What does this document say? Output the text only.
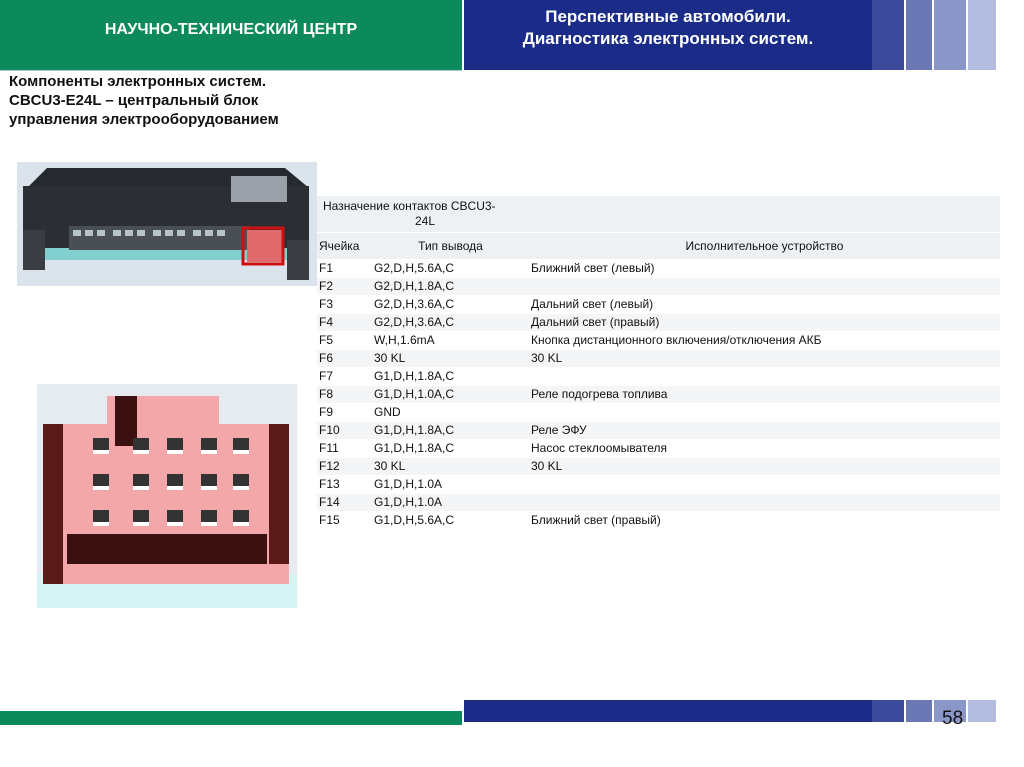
НАУЧНО-ТЕХНИЧЕСКИЙ ЦЕНТР
Перспективные автомобили.
Диагностика электронных систем.
Компоненты электронных систем.
CBCU3-E24L – центральный блок
управления электрооборудованием
Назначение контактов CBCU3-
24L		

Ячейка	Тип вывода	Исполнительное устройство
F1	G2,D,H,5.6A,C	Ближний свет (левый)
F2	G2,D,H,1.8A,C	
F3	G2,D,H,3.6A,C	Дальний свет (левый)
F4	G2,D,H,3.6A,C	Дальний свет (правый)
F5	W,H,1.6mA	Кнопка дистанционного включения/отключения АКБ
F6	30 KL	30 KL
F7	G1,D,H,1.8A,C	
F8	G1,D,H,1.0A,C	Реле подогрева топлива
F9	GND	
F10	G1,D,H,1.8A,C	Реле ЭФУ
F11	G1,D,H,1.8A,C	Насос стеклоомывателя
F12	30 KL	30 KL
F13	G1,D,H,1.0A	
F14	G1,D,H,1.0A	
F15	G1,D,H,5.6A,C	Ближний свет (правый)
58
